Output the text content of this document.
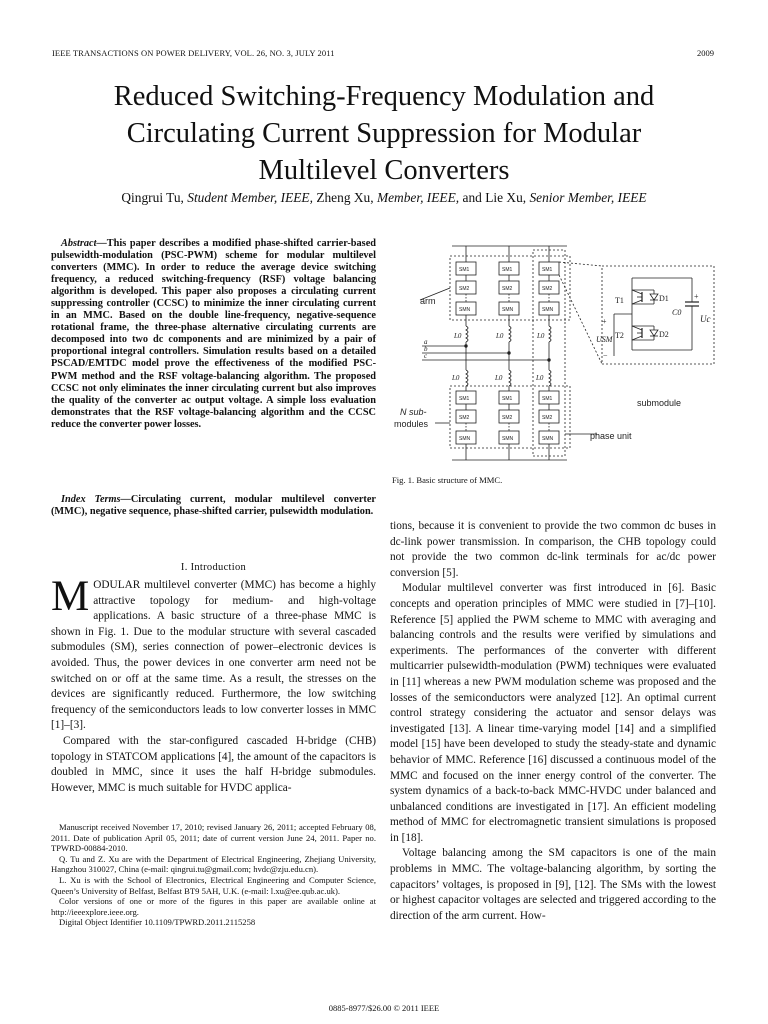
IEEE TRANSACTIONS ON POWER DELIVERY, VOL. 26, NO. 3, JULY 2011	2009
Reduced Switching-Frequency Modulation and
Circulating Current Suppression for Modular
Multilevel Converters
Qingrui Tu, Student Member, IEEE, Zheng Xu, Member, IEEE, and Lie Xu, Senior Member, IEEE
Abstract—This paper describes a modified phase-shifted carrier-based pulsewidth-modulation (PSC-PWM) scheme for modular multilevel converters (MMC). In order to reduce the average device switching frequency, a reduced switching-frequency (RSF) voltage balancing algorithm is developed. This paper also proposes a circulating current suppressing controller (CCSC) to minimize the inner circulating current in an MMC. Based on the double line-frequency, negative-sequence rotational frame, the three-phase alternative circulating currents are decomposed into two dc components and are minimized by a pair of proportional integral controllers. Simulation results based on a detailed PSCAD/EMTDC model prove the effectiveness of the modified PSC-PWM method and the RSF voltage-balancing algorithm. The proposed CCSC not only eliminates the inner circulating current but also improves the quality of the converter ac output voltage. A simple loss evaluation demonstrates that the RSF voltage-balancing algorithm and the CCSC reduce the converter power losses.
Index Terms—Circulating current, modular multilevel converter (MMC), negative sequence, phase-shifted carrier, pulsewidth modulation.
I. Introduction

MODULAR multilevel converter (MMC) has become a highly attractive topology for medium- and high-voltage applications. A basic structure of a three-phase MMC is shown in Fig. 1. Due to the modular structure with several cascaded submodules (SM), series connection of power–electronic devices is avoided. Thus, the power devices in one converter arm need not be switched on or off at the same time. As a result, the stresses on the devices are significantly reduced. Furthermore, the low switching frequency of the semiconductors leads to low converter losses in MMC [1]–[3].

Compared with the star-configured cascaded H-bridge (CHB) topology in STATCOM applications [4], the amount of the capacitors is doubled in MMC, since it uses the half H-bridge submodules. However, MMC is much suitable for HVDC applica-

Manuscript received November 17, 2010; revised January 26, 2011; accepted February 08, 2011. Date of publication April 05, 2011; date of current version June 24, 2011. Paper no. TPWRD-00884-2010.

Q. Tu and Z. Xu are with the Department of Electrical Engineering, Zhejiang University, Hangzhou 310027, China (e-mail: qingrui.tu@gmail.com; hvdc@zju.edu.cn).

L. Xu is with the School of Electronics, Electrical Engineering and Computer Science, Queen’s University of Belfast, Belfast BT9 5AH, U.K. (e-mail: l.xu@ee.qub.ac.uk).

Color versions of one or more of the figures in this paper are available online at http://ieeexplore.ieee.org.

Digital Object Identifier 10.1109/TPWRD.2011.2115258

SM1
SM2
SMN
SM1
SM2
SMN
SM1
SM2
SMN
SM1
SM2
SMN
SM1
SM2
SMN
SM1
SM2
SMN
L0	L0	L0
L0	L0	L0
a
b
c
arm
N sub-
modules
submodule
phase unit
T1	D1
T2	D2
C0
Uc
USM
+
−
+
Fig. 1. Basic structure of MMC.

tions, because it is convenient to provide the two common dc buses in dc-link power transmission. In comparison, the CHB topology could not provide the two common dc-link terminals for ac/dc power conversion [5].

Modular multilevel converter was first introduced in [6]. Basic concepts and operation principles of MMC were studied in [7]–[10]. Reference [5] applied the PWM scheme to MMC with averaging and balancing controls and the results were verified by simulations and experiments. The performances of the converter with different multicarrier pulsewidth-modulation (PWM) techniques were evaluated in [11] whereas a new PWM modulation scheme was proposed and the losses of the semiconductors were analyzed [12]. An optimal current control strategy considering the actuator and sensor delays was investigated [13]. A linear time-varying model [14] and a simplified model [15] have been developed to study the steady-state and dynamic behavior of MMC. Reference [16] discussed a continuous model of the MMC and focused on the inner energy control of the converter. The system dynamics of a back-to-back MMC-HVDC under balanced and unbalanced conditions are investigated in [17]. An efficient modeling method of MMC for electromagnetic transient simulations is proposed in [18].

Voltage balancing among the SM capacitors is one of the main problems in MMC. The voltage-balancing algorithm, by sorting the capacitors’ voltages, is proposed in [9], [12]. The SMs with the lowest or highest capacitor voltages are selected and triggered according to the direction of the arm current. How-

0885-8977/$26.00 © 2011 IEEE
